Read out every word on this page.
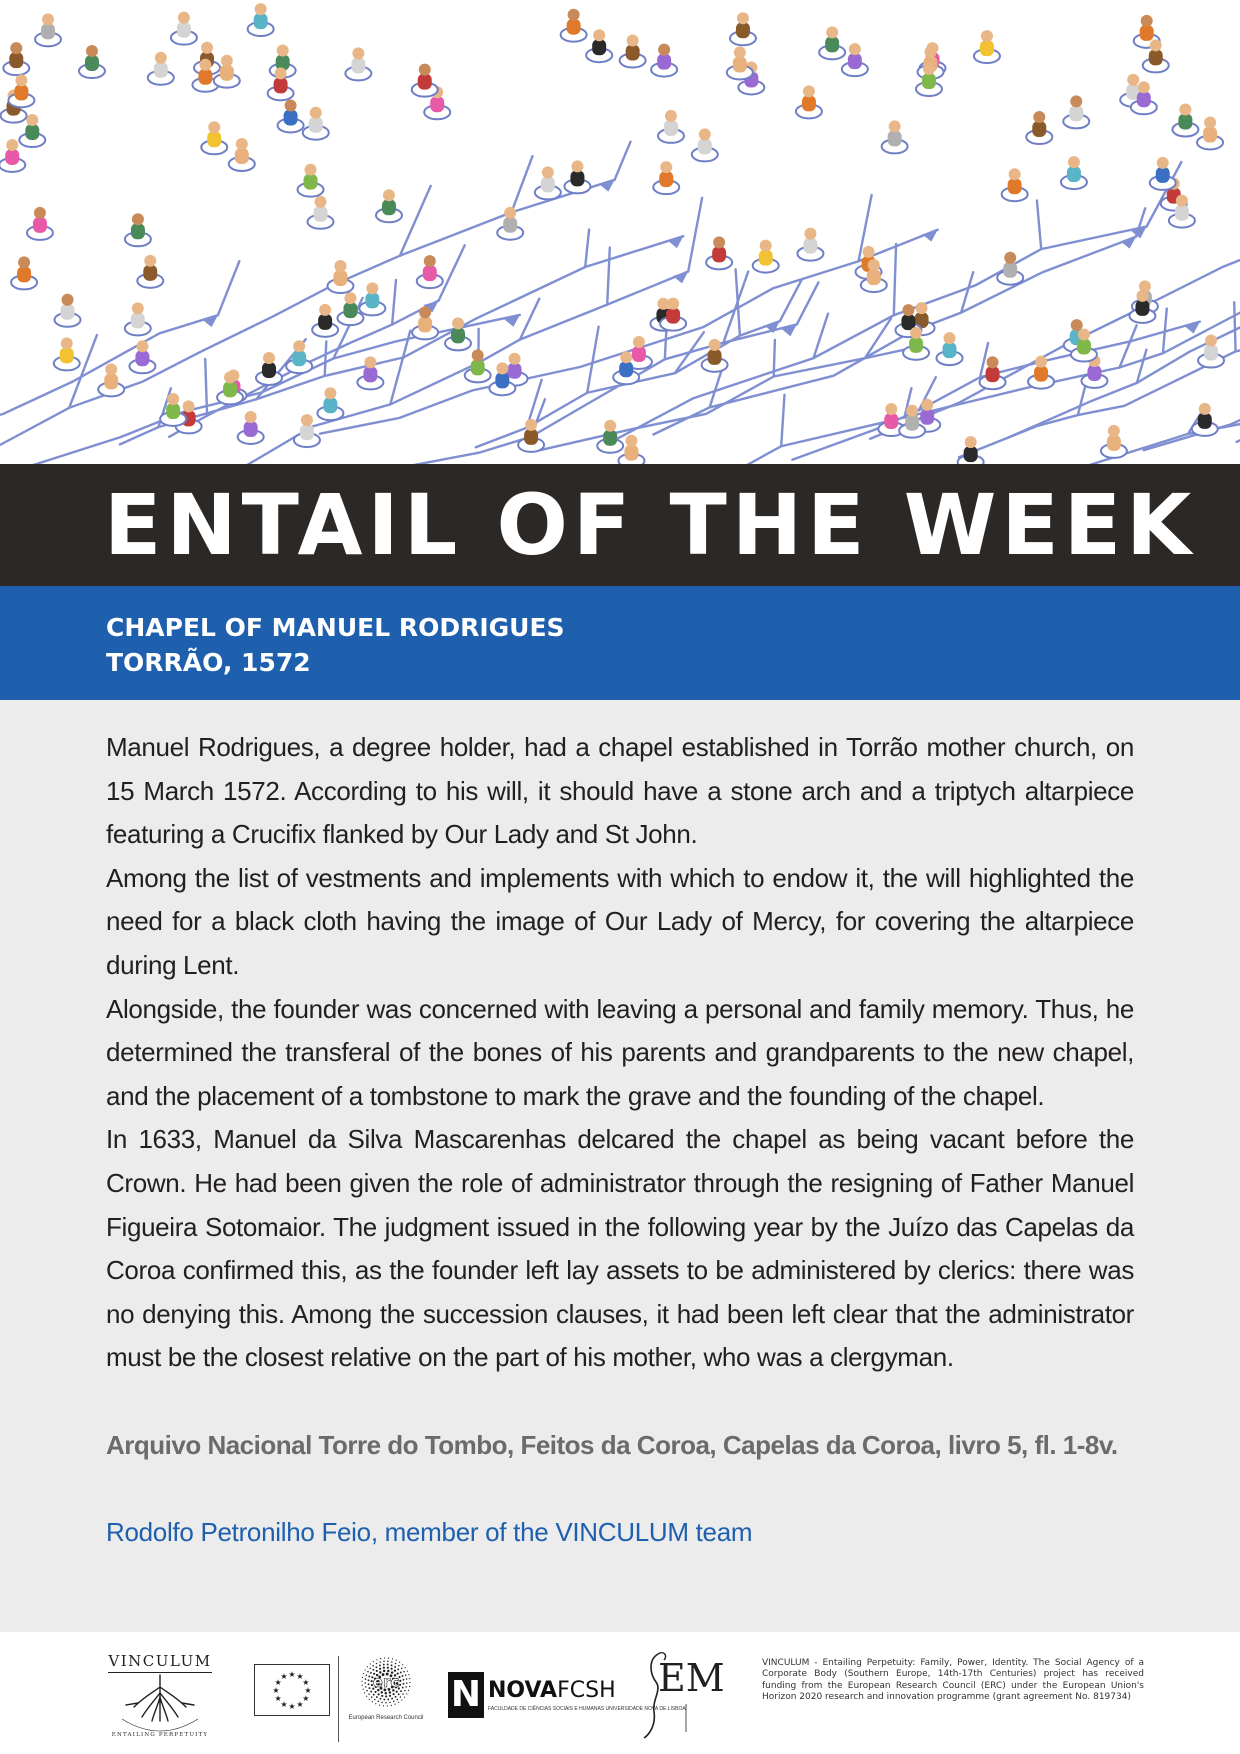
ENTAIL OF THE WEEK
CHAPEL OF MANUEL RODRIGUES
TORRÃO, 1572

Manuel Rodrigues, a degree holder, had a chapel established in Torrão mother church, on 15 March 1572. According to his will, it should have a stone arch and a triptych altarpiece featuring a Crucifix flanked by Our Lady and St John.

Among the list of vestments and implements with which to endow it, the will highlighted the need for a black cloth having the image of Our Lady of Mercy, for covering the altarpiece during Lent.

Alongside, the founder was concerned with leaving a personal and family memory. Thus, he determined the transferal of the bones of his parents and grandparents to the new chapel, and the placement of a tombstone to mark the grave and the founding of the chapel.

In 1633, Manuel da Silva Mascarenhas delcared the chapel as being vacant before the Crown. He had been given the role of administrator through the resigning of Father Manuel Figueira Sotomaior. The judgment issued in the following year by the Juízo das Capelas da Coroa confirmed this, as the founder left lay assets to be administered by clerics: there was no denying this. Among the succession clauses, it had been left clear that the administrator must be the closest relative on the part of his mother, who was a clergyman.

Arquivo Nacional Torre do Tombo, Feitos da Coroa, Capelas da Coroa, livro 5, fl. 1-8v.
Rodolfo Petronilho Feio, member of the VINCULUM team
VINCULUM
ENTAILING PERPETUITY
★
★
★
★
★
★
★
★
★ ★ ★
★	erc
European Research Council
N NOVAFCSH
FACULDADE DE CIÊNCIAS SOCIAIS E HUMANAS UNIVERSIDADE NOVA DE LISBOA
EM	VINCULUM - Entailing Perpetuity: Family, Power, Identity. The Social Agency of a Corporate Body (Southern Europe, 14th-17th Centuries) project has received funding from the European Research Council (ERC) under the European Union's Horizon 2020 research and innovation programme (grant agreement No. 819734)
